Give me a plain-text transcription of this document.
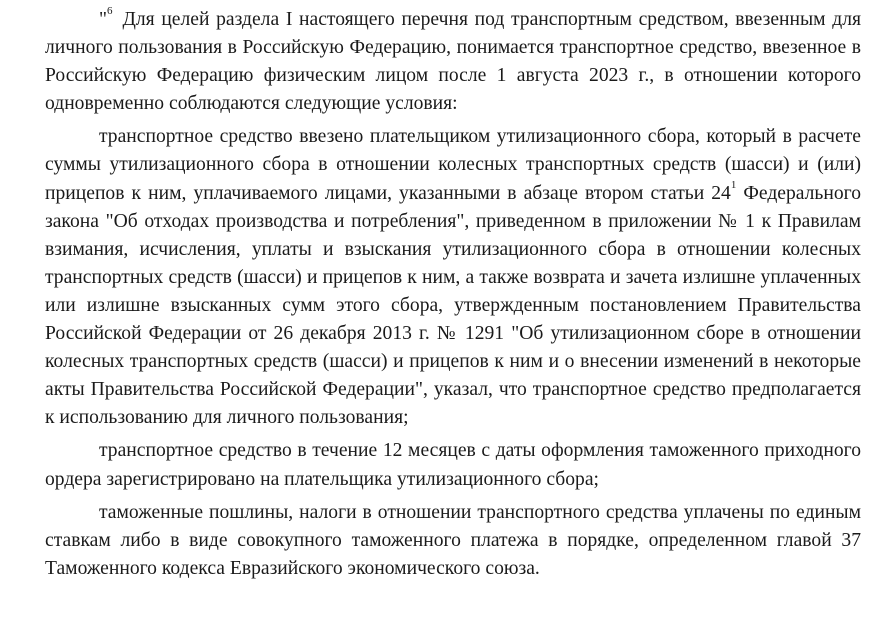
"$^6$ Для целей раздела I настоящего перечня под транспортным средством, ввезенным для личного пользования в Российскую Федерацию, понимается транспортное средство, ввезенное в Российскую Федерацию физическим лицом после 1 августа 2023 г., в отношении которого одновременно соблюдаются следующие условия:

транспортное средство ввезено плательщиком утилизационного сбора, который в расчете суммы утилизационного сбора в отношении колесных транспортных средств (шасси) и (или) прицепов к ним, уплачиваемого лицами, указанными в абзаце втором статьи $24^1$ Федерального закона "Об отходах производства и потребления", приведенном в приложении № 1 к Правилам взимания, исчисления, уплаты и взыскания утилизационного сбора в отношении колесных транспортных средств (шасси) и прицепов к ним, а также возврата и зачета излишне уплаченных или излишне взысканных сумм этого сбора, утвержденным постановлением Правительства Российской Федерации от 26 декабря 2013 г. № 1291 "Об утилизационном сборе в отношении колесных транспортных средств (шасси) и прицепов к ним и о внесении изменений в некоторые акты Правительства Российской Федерации", указал, что транспортное средство предполагается к использованию для личного пользования;

транспортное средство в течение 12 месяцев с даты оформления таможенного приходного ордера зарегистрировано на плательщика утилизационного сбора;

таможенные пошлины, налоги в отношении транспортного средства уплачены по единым ставкам либо в виде совокупного таможенного платежа в порядке, определенном главой 37 Таможенного кодекса Евразийского экономического союза.
